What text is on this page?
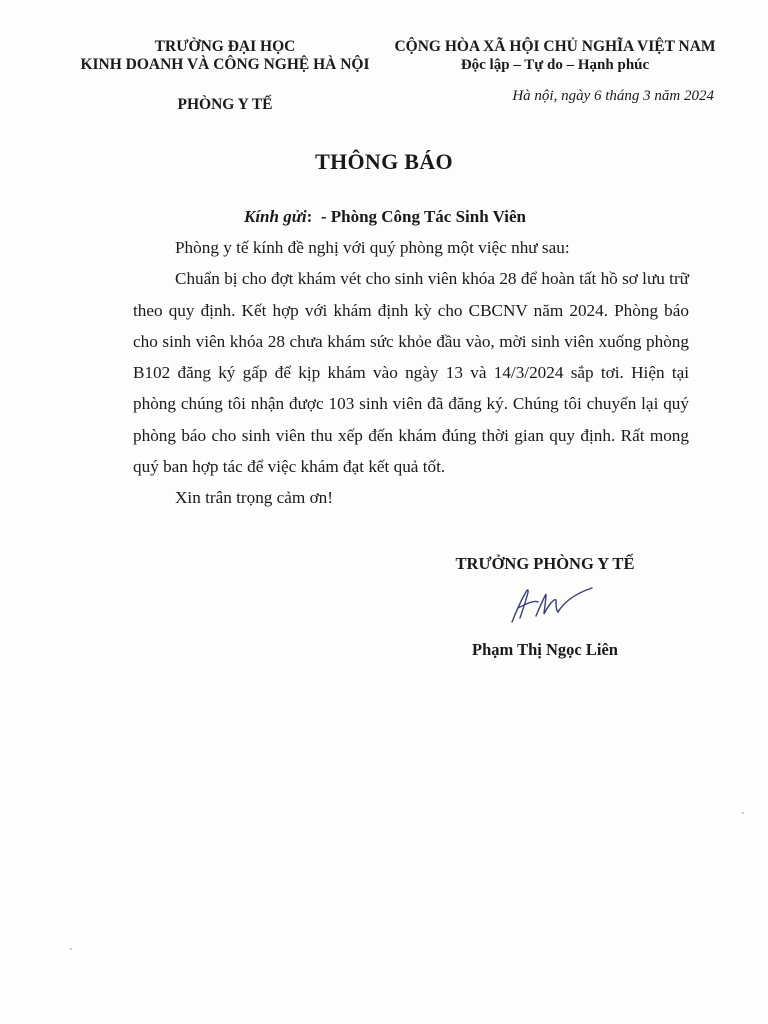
TRƯỜNG ĐẠI HỌC
KINH DOANH VÀ CÔNG NGHỆ HÀ NỘI
PHÒNG Y TẾ
CỘNG HÒA XÃ HỘI CHỦ NGHĨA VIỆT NAM

Độc lập – Tự do – Hạnh phúc
Hà nội, ngày 6 tháng 3 năm 2024
THÔNG BÁO
Kính gửi: - Phòng Công Tác Sinh Viên

Phòng y tế kính đề nghị với quý phòng một việc như sau:

Chuẩn bị cho đợt khám vét cho sinh viên khóa 28 để hoàn tất hồ sơ lưu trữ theo quy định. Kết hợp với khám định kỳ cho CBCNV năm 2024. Phòng báo cho sinh viên khóa 28 chưa khám sức khỏe đầu vào, mời sinh viên xuống phòng B102 đăng ký gấp để kịp khám vào ngày 13 và 14/3/2024 sắp tơi. Hiện tại phòng chúng tôi nhận được 103 sinh viên đã đăng ký. Chúng tôi chuyển lại quý phòng báo cho sinh viên thu xếp đến khám đúng thời gian quy định. Rất mong quý ban hợp tác để việc khám đạt kết quả tốt.

Xin trân trọng cảm ơn!

TRƯỞNG PHÒNG Y TẾ
Phạm Thị Ngọc Liên
